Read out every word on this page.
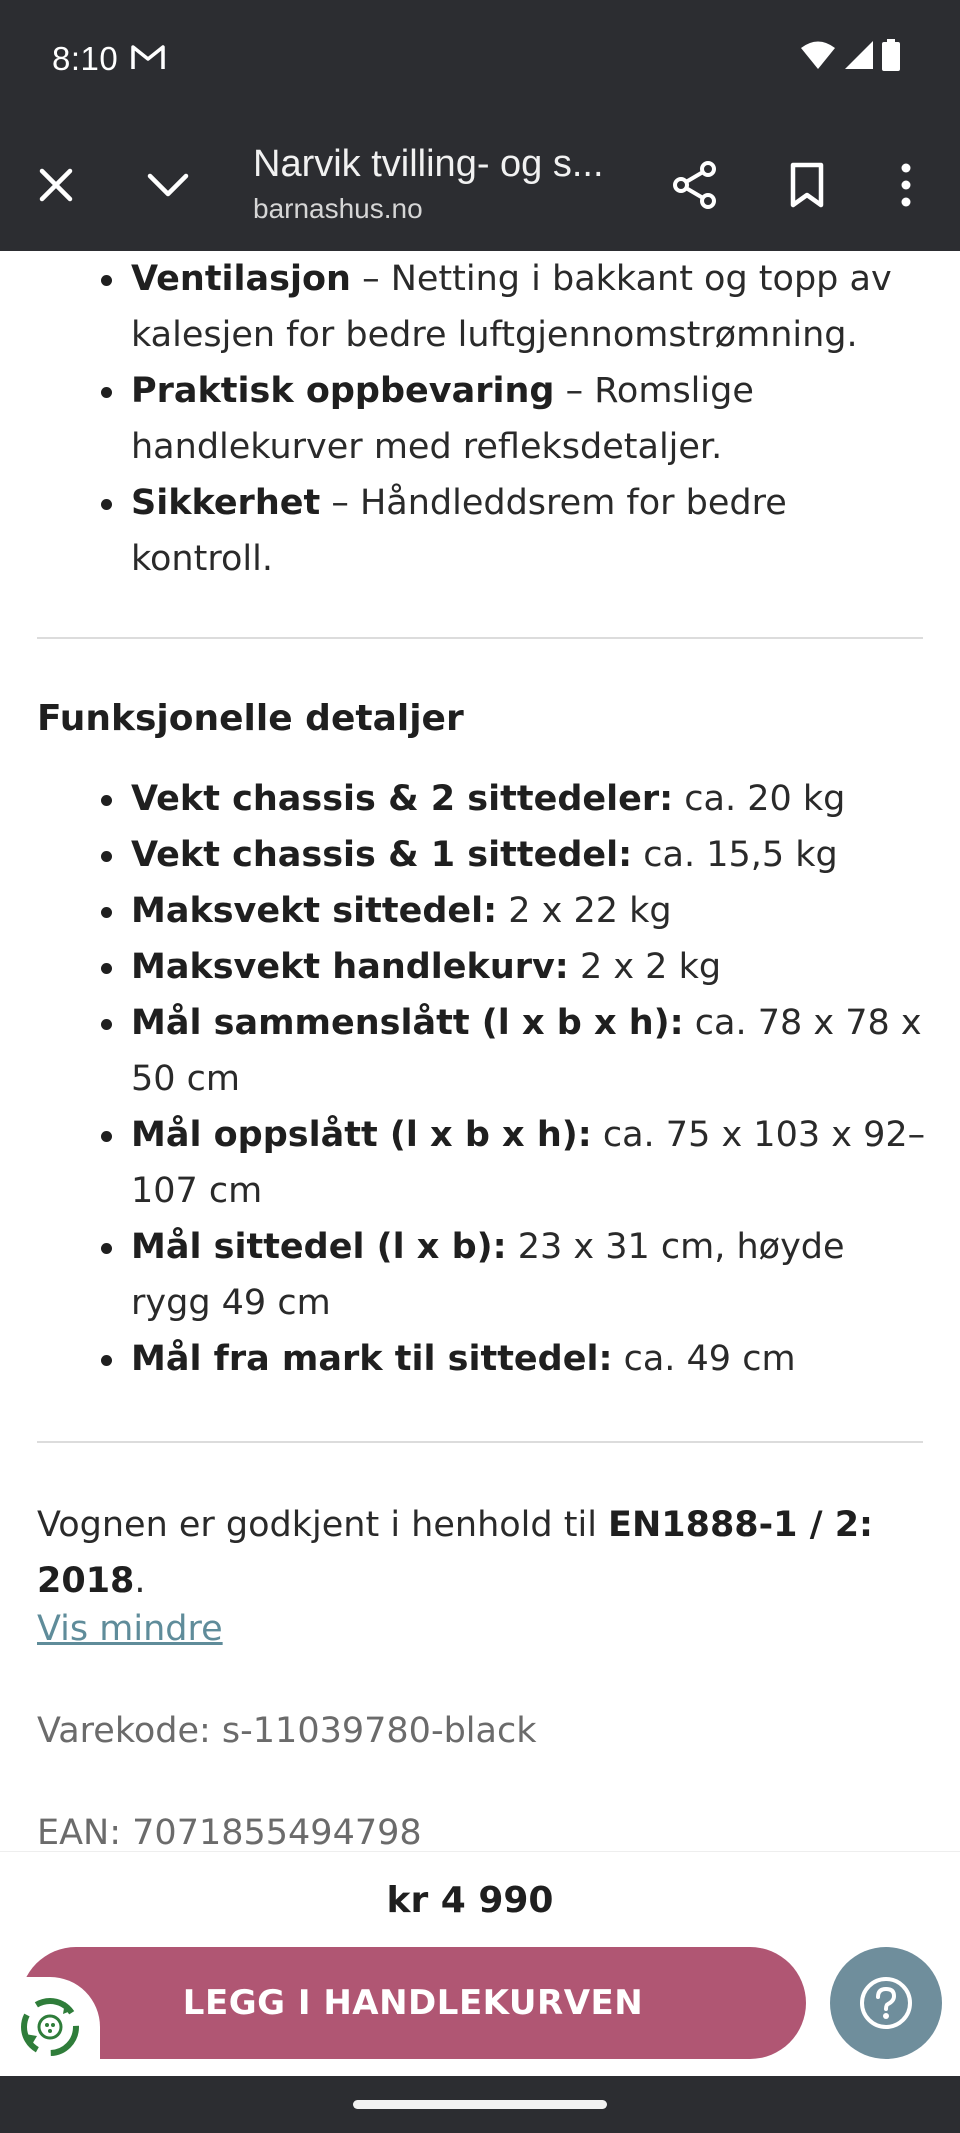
8:10
Narvik tvilling- og s...
barnashus.no
Ventilasjon – Netting i bakkant og topp av kalesjen for bedre luftgjennomstrømning.
Praktisk oppbevaring – Romslige handlekurver med refleksdetaljer.
Sikkerhet – Håndleddsrem for bedre kontroll.
Funksjonelle detaljer
Vekt chassis & 2 sittedeler: ca. 20 kg
Vekt chassis & 1 sittedel: ca. 15,5 kg
Maksvekt sittedel: 2 x 22 kg
Maksvekt handlekurv: 2 x 2 kg
Mål sammenslått (l x b x h): ca. 78 x 78 x 50 cm
Mål oppslått (l x b x h): ca. 75 x 103 x 92–107 cm
Mål sittedel (l x b): 23 x 31 cm, høyde rygg 49 cm
Mål fra mark til sittedel: ca. 49 cm

Vognen er godkjent i henhold til EN1888-1 / 2: 2018.

Vis mindre
Varekode: s-11039780-black
EAN: 7071855494798
kr 4 990
LEGG I HANDLEKURVEN
